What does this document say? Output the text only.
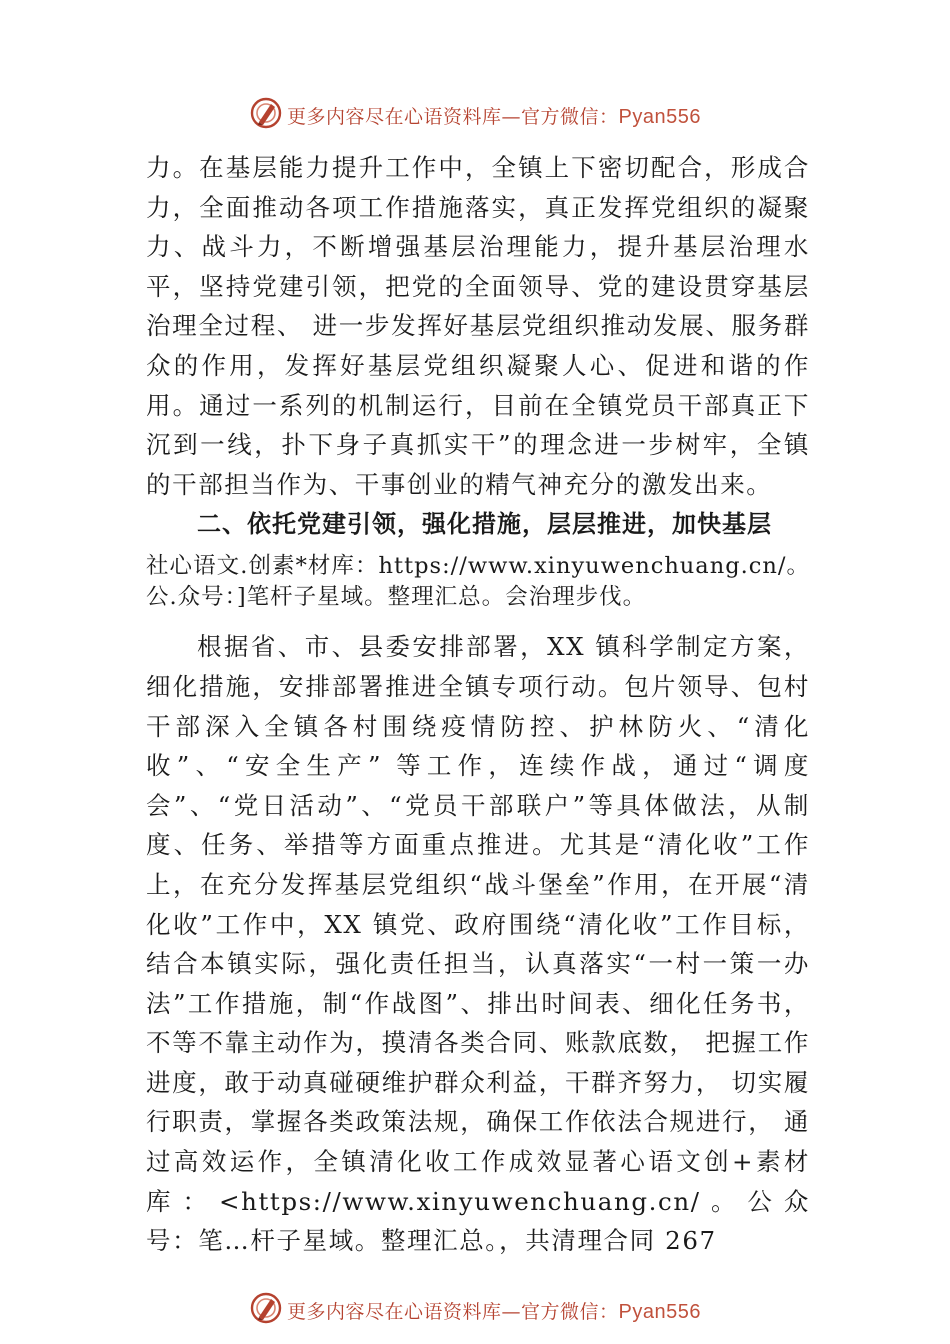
更多内容尽在心语资料库—官方微信：Pyan556

力。在基层能力提升工作中，全镇上下密切配合，形成合力，全面推动各项工作措施落实，真正发挥党组织的凝聚力、战斗力，不断增强基层治理能力，提升基层治理水平，坚持党建引领，把党的全面领导、党的建设贯穿基层治理全过程、 进一步发挥好基层党组织推动发展、服务群众的作用，发挥好基层党组织凝聚人心、促进和谐的作用。通过一系列的机制运行，目前在全镇党员干部真正下沉到一线，扑下身子真抓实干”的理念进一步树牢，全镇的干部担当作为、干事创业的精气神充分的激发出来。

二、依托党建引领，强化措施，层层推进，加快基层

社心语文.创素*材库：https://www.xinyuwenchuang.cn/。公.众号：]笔杆子星域。整理汇总。会治理步伐。

根据省、市、县委安排部署，XX 镇科学制定方案，细化措施，安排部署推进全镇专项行动。包片领导、包村干部深入全镇各村围绕疫情防控、护林防火、“清化收”、“安全生产” 等工作，连续作战，通过“调度会”、“党日活动”、“党员干部联户”等具体做法，从制度、任务、举措等方面重点推进。尤其是“清化收”工作上，在充分发挥基层党组织“战斗堡垒”作用，在开展“清化收”工作中，XX 镇党、政府围绕“清化收”工作目标，结合本镇实际，强化责任担当，认真落实“一村一策一办法”工作措施，制“作战图”、排出时间表、细化任务书，不等不靠主动作为，摸清各类合同、账款底数， 把握工作进度，敢于动真碰硬维护群众利益，干群齐努力， 切实履行职责，掌握各类政策法规，确保工作依法合规进行， 通过高效运作，全镇清化收工作成效显著心语文创+素材库：<https://www.xinyuwenchuang.cn/。公众号：笔…杆子星域。整理汇总。，共清理合同 267

更多内容尽在心语资料库—官方微信：Pyan556
